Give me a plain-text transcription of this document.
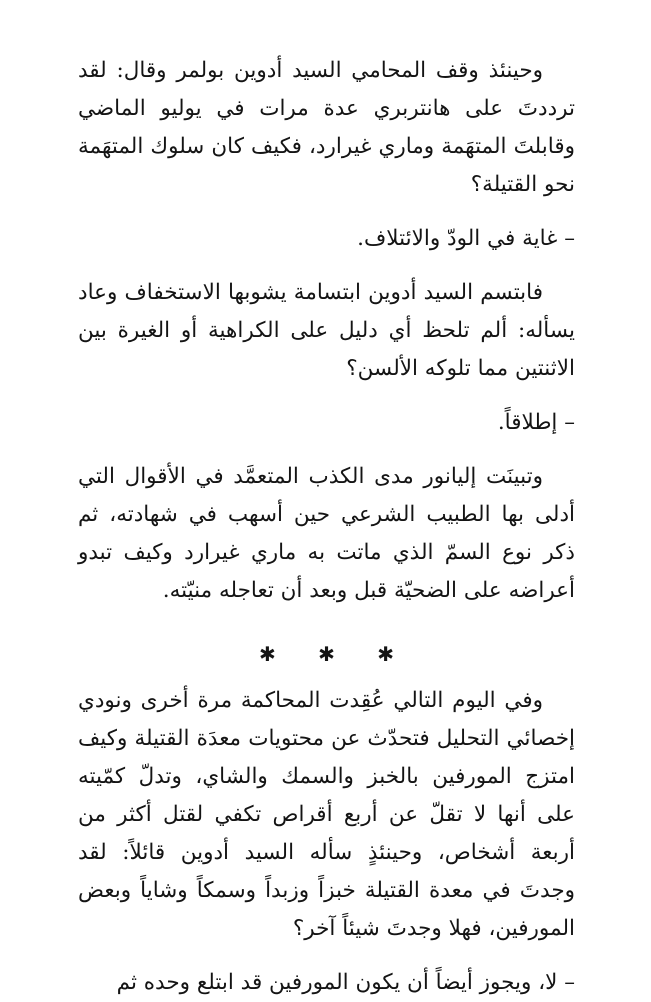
وحينئذ وقف المحامي السيد أدوين بولمر وقال: لقد ترددتَ على هانتربري عدة مرات في يوليو الماضي وقابلتَ المتهَمة وماري غيرارد، فكيف كان سلوك المتهَمة نحو القتيلة؟

– غاية في الودّ والائتلاف.

فابتسم السيد أدوين ابتسامة يشوبها الاستخفاف وعاد يسأله: ألم تلحظ أي دليل على الكراهية أو الغيرة بين الاثنتين مما تلوكه الألسن؟

– إطلاقاً.

وتبينَت إليانور مدى الكذب المتعمَّد في الأقوال التي أدلى بها الطبيب الشرعي حين أسهب في شهادته، ثم ذكر نوع السمّ الذي ماتت به ماري غيرارد وكيف تبدو أعراضه على الضحيّة قبل وبعد أن تعاجله منيّته.

✱ ✱ ✱

وفي اليوم التالي عُقِدت المحاكمة مرة أخرى ونودي إخصائي التحليل فتحدّث عن محتويات معدَة القتيلة وكيف امتزج المورفين بالخبز والسمك والشاي، وتدلّ كمّيته على أنها لا تقلّ عن أربع أقراص تكفي لقتل أكثر من أربعة أشخاص، وحينئذٍ سأله السيد أدوين قائلاً: لقد وجدتَ في معدة القتيلة خبزاً وزبداً وسمكاً وشاياً وبعض المورفين، فهلا وجدتَ شيئاً آخر؟

– لا، ويجوز أيضاً أن يكون المورفين قد ابتلع وحده ثم
